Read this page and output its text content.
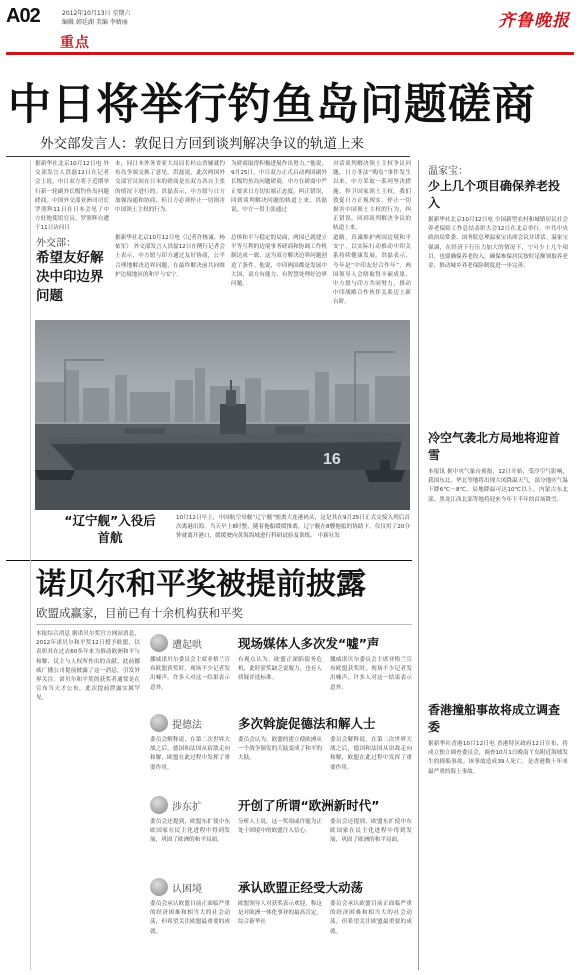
A02	2012年10月13日 星期六
编辑 韩廷湖 美编 李婧丽
重点
齐鲁晚报
中日将举行钓鱼岛问题磋商
外交部发言人：敦促日方回到谈判解决争议的轨道上来
据新华社北京10月12日电 外交部发言人洪磊12日在记者会上说，中日双方将于近期举行新一轮副外长级钓鱼岛问题磋商。中国外交部亚洲司司长罗照辉11日在日本会见了中方驻地使馆官员。罗照辉自遭于11日访问日
本，同日本外务省亚大局局长杉山晋辅就钓鱼岛争端交换了意见。洪磊说，此次两国外交部官员间在日本的磋商是在双方各自主张的情况下进行的。洪磊表示，中方愿与日方加强沟通和协商，但日方必须停止一切损害中国领土主权的行为。
为磋商取得积极进展作出努力。”他说，9月25日，中日双方正式启动两国副外长级钓鱼岛问题磋商，中方在磋商中严正要求日方切实端正态度，纠正错误，回到谈判解决问题的轨道上来。洪磊说，中方一贯主张通过
对话谈判解决领土主权争议问题，日方非法“购岛”事件发生以来，中方采取一系列坚决措施，捍卫国家领土主权。我们敦促日方正视现实，停止一切损害中国领土主权的行为，纠正错误，回到谈判解决争议的轨道上来。
外交部：
希望友好解决中印边界问题
据新华社北京10月12日电（记者许栋诚、杨依军） 外交部发言人洪磊12日在例行记者会上表示，中方愿与印方通过友好协商，公平合理地解决边界问题，在最终解决前共同维护边境地区的和平与安宁。
总体和平与稳定的局面，两国已就建立平等互利的边境事务磋商和协调工作机制达成一致，这为双方解决边界问题创造了条件。他说，中印两国都是发展中大国，双方有能力、有智慧处理好边界问题。
道路，真诚维护两国边境和平安宁，以实际行动推动中印关系持续健康发展。洪磊表示，今年是“中印友好合作年”，两国领导人会晤取得丰硕成果，中方愿与印方共同努力，推动中印战略合作伙伴关系迈上新台阶。
16
“辽宁舰”入役后首航
10月12日早上，中国航空母舰“辽宁舰”驶离大连港码头，这是其在9月25日正式交接入列后首次离港出海。当天早上8时整，随着拖船缓缓推离，辽宁舰在8艘拖船的协助下，仅仅用了20分钟就离开港口，缓缓驶向黄海海域进行科研试验及训练。 中新社发
温家宝：
少上几个项目确保养老投入
据新华社北京10月12日电 全国新型农村和城镇居民社会养老保险工作总结表彰大会12日在北京举行。中共中央政治局常委、国务院总理温家宝出席会议并讲话。温家宝强调，在经济下行压力加大的情况下，宁可少上几个项目，也要确保养老投入，确保参保居民按时足额领取养老金，推动城乡养老保险制度进一步完善。
冷空气袭北方局地将迎首雪
本报讯 据中央气象台预报，12日开始，受冷空气影响，我国东北、华北等地将出现大风降温天气，部分地区气温下降6℃～8℃，局地降温可达10℃以上。内蒙古东北部、黑龙江西北部等地将迎来今年下半年的首场降雪。
香港撞船事故将成立调查委
据新华社香港10月12日电 香港特区政府12日宣布，将成立独立调查委员会，调查10月1日晚南丫岛附近海域发生的撞船事故。该事故造成39人死亡，是香港数十年来最严重的海上事故。
诺贝尔和平奖被提前披露
欧盟成赢家，目前已有十余机构获和平奖
本报综合消息 据诺贝尔奖官方网站消息，2012年诺贝尔和平奖12日授予欧盟，以表彰其在过去60多年来为推动欧洲和平与和解、民主与人权所作出的贡献。此前挪威广播公司提前披露了这一消息，引发外界关注。诺贝尔和平奖的获奖者通常是在宣布当天才公布，此次提前泄露实属罕见。
遭起哄	现场媒体人多次发“嘘”声
挪威诺贝尔委员会主席亚格兰宣布欧盟获奖时，现场不少记者发出嘘声，许多人对这一结果表示意外。
有观点认为，欧盟正深陷债务危机，此时获奖缺乏说服力，也有人质疑评选标准。
挪威诺贝尔委员会主席亚格兰宣布欧盟获奖时，现场不少记者发出嘘声，许多人对这一结果表示意外。
提德法	多次斡旋促德法和解人士
委员会解释说，在第二次世界大战之后，德国和法国从宿敌走向和解，欧盟在此过程中发挥了重要作用。
委员会认为，欧盟的建立使欧洲从一个战争频发的大陆变成了和平的大陆。
委员会解释说，在第二次世界大战之后，德国和法国从宿敌走向和解，欧盟在此过程中发挥了重要作用。
涉东扩	开创了所谓“欧洲新时代”
委员会还提到，欧盟东扩使中东欧国家在民主化进程中得到发展，巩固了欧洲的和平局面。
分析人士说，这一奖项或许能为正处于困境中的欧盟注入信心。
委员会还提到，欧盟东扩使中东欧国家在民主化进程中得到发展，巩固了欧洲的和平局面。
认困境	承认欧盟正经受大动荡
委员会承认欧盟目前正面临严重的经济困难和相当大的社会动荡，但希望关注欧盟最重要的成就。
欧盟领导人对获奖表示欢迎，称这是对欧洲一体化事业的最高肯定。 综合新华社
委员会承认欧盟目前正面临严重的经济困难和相当大的社会动荡，但希望关注欧盟最重要的成就。
